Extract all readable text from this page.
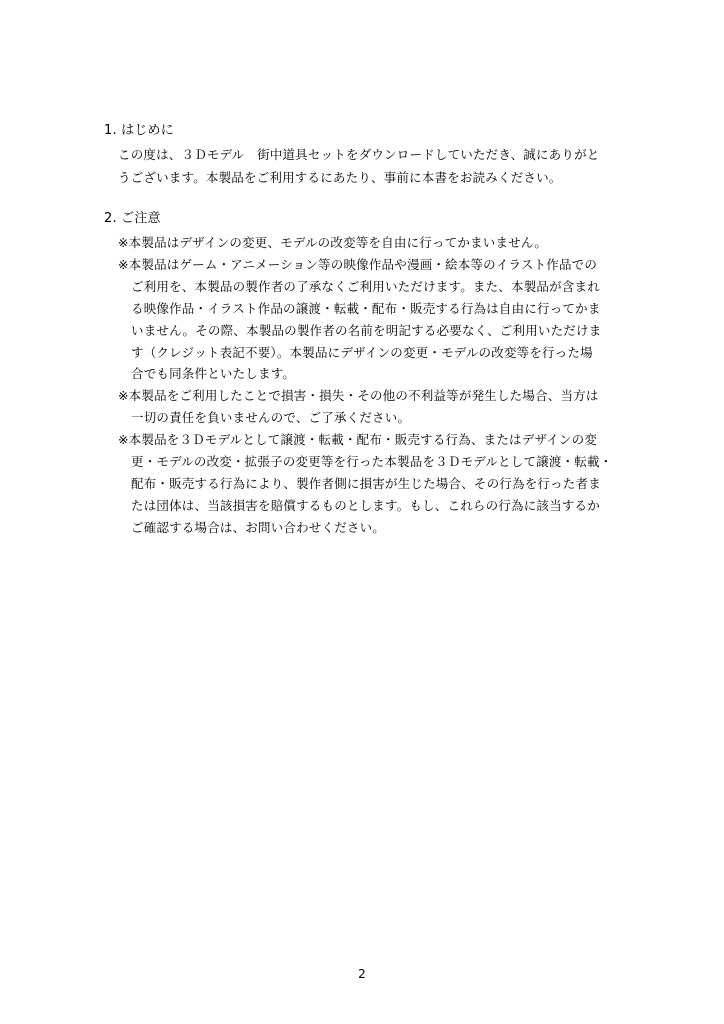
1. はじめに
この度は、３Ｄモデル　街中道具セットをダウンロードしていただき、誠にありがと
うございます。本製品をご利用するにあたり、事前に本書をお読みください。
2. ご注意
※本製品はデザインの変更、モデルの改変等を自由に行ってかまいません。
※本製品はゲーム・アニメーション等の映像作品や漫画・絵本等のイラスト作品での
ご利用を、本製品の製作者の了承なくご利用いただけます。また、本製品が含まれ
る映像作品・イラスト作品の譲渡・転載・配布・販売する行為は自由に行ってかま
いません。その際、本製品の製作者の名前を明記する必要なく、ご利用いただけま
す（クレジット表記不要）。本製品にデザインの変更・モデルの改変等を行った場
合でも同条件といたします。
※本製品をご利用したことで損害・損失・その他の不利益等が発生した場合、当方は
一切の責任を負いませんので、ご了承ください。
※本製品を３Ｄモデルとして譲渡・転載・配布・販売する行為、またはデザインの変
更・モデルの改変・拡張子の変更等を行った本製品を３Ｄモデルとして譲渡・転載・
配布・販売する行為により、製作者側に損害が生じた場合、その行為を行った者ま
たは団体は、当該損害を賠償するものとします。もし、これらの行為に該当するか
ご確認する場合は、お問い合わせください。
2
